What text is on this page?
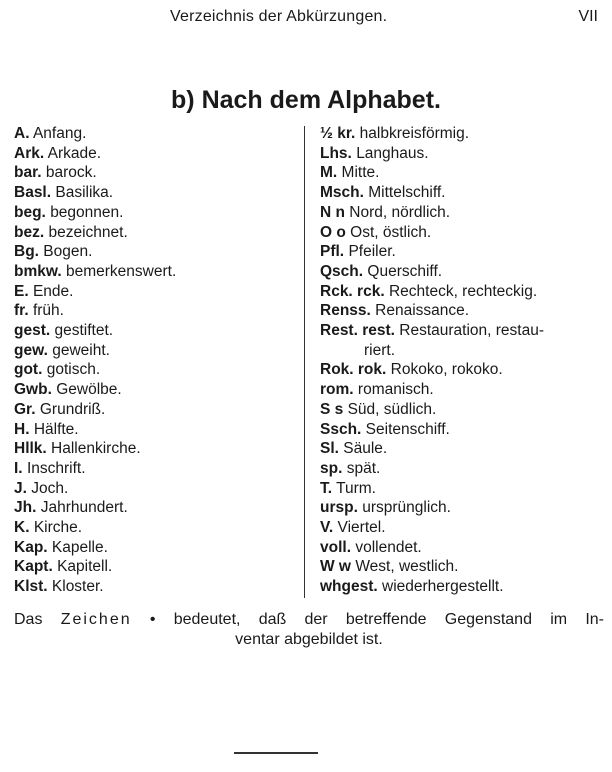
Verzeichnis der Abkürzungen.	VII
b) Nach dem Alphabet.
A. Anfang.
Ark. Arkade.
bar. barock.
Basl. Basilika.
beg. begonnen.
bez. bezeichnet.
Bg. Bogen.
bmkw. bemerkenswert.
E. Ende.
fr. früh.
gest. gestiftet.
gew. geweiht.
got. gotisch.
Gwb. Gewölbe.
Gr. Grundriß.
H. Hälfte.
Hllk. Hallenkirche.
I. Inschrift.
J. Joch.
Jh. Jahrhundert.
K. Kirche.
Kap. Kapelle.
Kapt. Kapitell.
Klst. Kloster.
½ kr. halbkreisförmig.
Lhs. Langhaus.
M. Mitte.
Msch. Mittelschiff.
N n Nord, nördlich.
O o Ost, östlich.
Pfl. Pfeiler.
Qsch. Querschiff.
Rck. rck. Rechteck, rechteckig.
Renss. Renaissance.
Rest. rest. Restauration, restau-
riert.
Rok. rok. Rokoko, rokoko.
rom. romanisch.
S s Süd, südlich.
Ssch. Seitenschiff.
Sl. Säule.
sp. spät.
T. Turm.
ursp. ursprünglich.
V. Viertel.
voll. vollendet.
W w West, westlich.
whgest. wiederhergestellt.

Das Zeichen • bedeutet, daß der betreffende Gegenstand im In-

ventar abgebildet ist.
